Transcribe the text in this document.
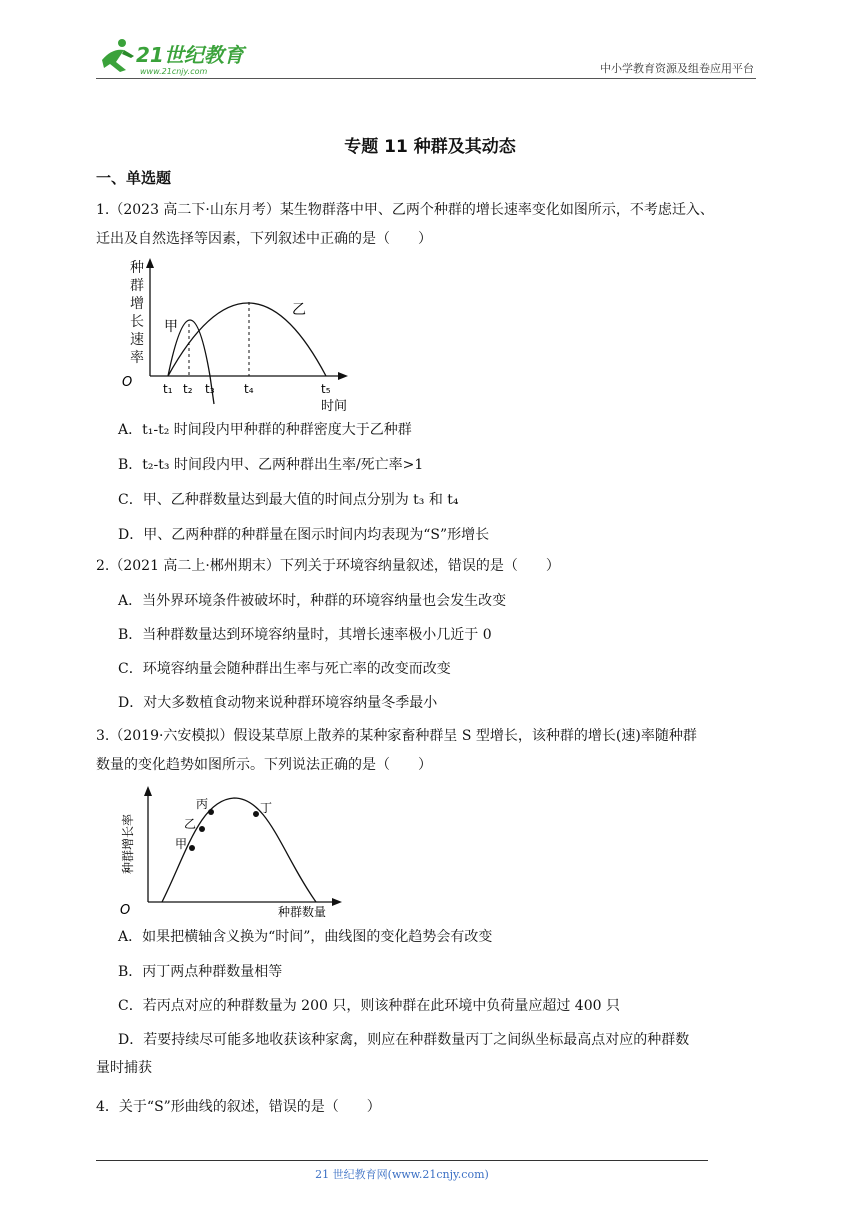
21世纪教育
www.21cnjy.com	中小学教育资源及组卷应用平台
专题 11 种群及其动态
一、单选题
1.（2023 高二下·山东月考）某生物群落中甲、乙两个种群的增长速率变化如图所示，不考虑迁入、
迁出及自然选择等因素，下列叙述中正确的是（　　）
种
群
增
长
速
率
O
甲
乙
t₁ t₂ t₃ t₄	t₅
时间
A．t₁-t₂ 时间段内甲种群的种群密度大于乙种群
B．t₂-t₃ 时间段内甲、乙两种群出生率/死亡率>1
C．甲、乙种群数量达到最大值的时间点分别为 t₃ 和 t₄
D．甲、乙两种群的种群量在图示时间内均表现为“S”形增长
2.（2021 高二上·郴州期末）下列关于环境容纳量叙述，错误的是（　　）
A．当外界环境条件被破坏时，种群的环境容纳量也会发生改变
B．当种群数量达到环境容纳量时，其增长速率极小几近于 0
C．环境容纳量会随种群出生率与死亡率的改变而改变
D．对大多数植食动物来说种群环境容纳量冬季最小
3.（2019·六安模拟）假设某草原上散养的某种家畜种群呈 S 型增长，该种群的增长(速)率随种群
数量的变化趋势如图所示。下列说法正确的是（　　）
种群增长率
O
甲
乙
丙	丁
种群数量
A．如果把横轴含义换为“时间”，曲线图的变化趋势会有改变
B．丙丁两点种群数量相等
C．若丙点对应的种群数量为 200 只，则该种群在此环境中负荷量应超过 400 只
D．若要持续尽可能多地收获该种家禽，则应在种群数量丙丁之间纵坐标最高点对应的种群数
量时捕获
4．关于“S”形曲线的叙述，错误的是（　　）
21 世纪教育网(www.21cnjy.com)
